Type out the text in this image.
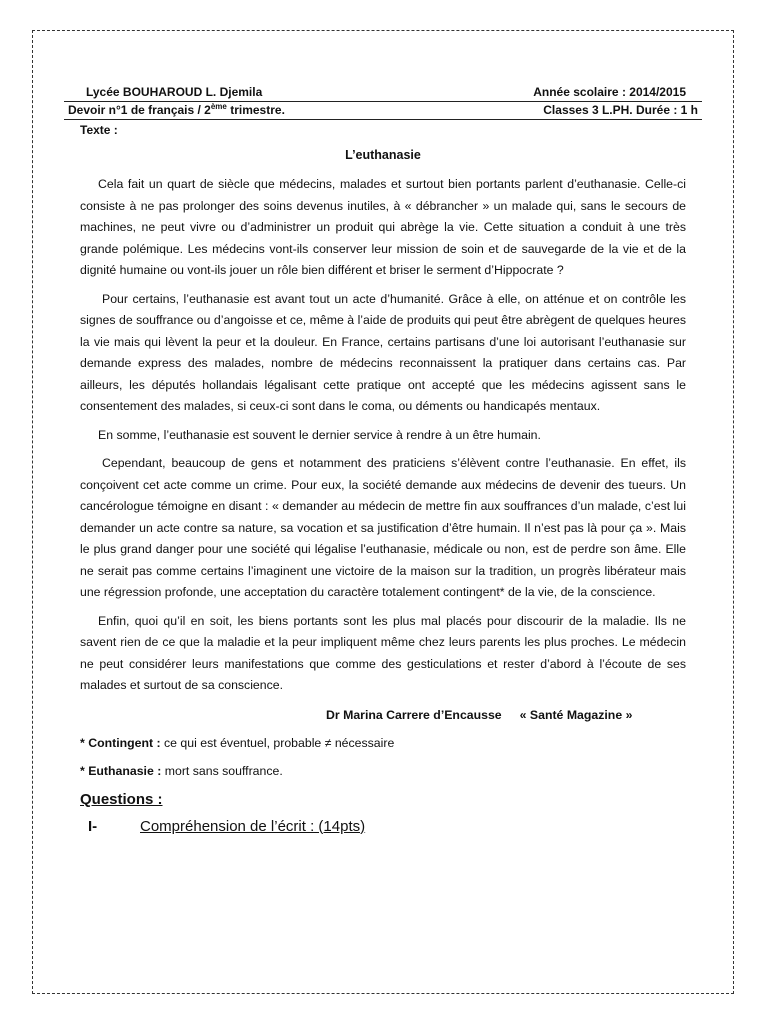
Lycée BOUHAROUD L. Djemila	Année scolaire : 2014/2015
Devoir n°1 de français / 2ème trimestre.	Classes 3 L.PH. Durée : 1 h
Texte :
L’euthanasie

Cela fait un quart de siècle que médecins, malades et surtout bien portants parlent d’euthanasie. Celle-ci consiste à ne pas prolonger des soins devenus inutiles, à « débrancher » un malade qui, sans le secours de machines, ne peut vivre ou d’administrer un produit qui abrège la vie. Cette situation a conduit à une très grande polémique. Les médecins vont-ils conserver leur mission de soin et de sauvegarde de la vie et de la dignité humaine ou vont-ils jouer un rôle bien différent et briser le serment d’Hippocrate ?

Pour certains, l’euthanasie est avant tout un acte d’humanité. Grâce à elle, on atténue et on contrôle les signes de souffrance ou d’angoisse et ce, même à l’aide de produits qui peut être abrègent de quelques heures la vie mais qui lèvent la peur et la douleur. En France, certains partisans d’une loi autorisant l’euthanasie sur demande express des malades, nombre de médecins reconnaissent la pratiquer dans certains cas. Par ailleurs, les députés hollandais légalisant cette pratique ont accepté que les médecins agissent sans le consentement des malades, si ceux-ci sont dans le coma, ou déments ou handicapés mentaux.

En somme, l’euthanasie est souvent le dernier service à rendre à un être humain.

Cependant, beaucoup de gens et notamment des praticiens s’élèvent contre l’euthanasie. En effet, ils conçoivent cet acte comme un crime. Pour eux, la société demande aux médecins de devenir des tueurs. Un cancérologue témoigne en disant : « demander au médecin de mettre fin aux souffrances d’un malade, c’est lui demander un acte contre sa nature, sa vocation et sa justification d’être humain. Il n’est pas là pour ça ». Mais le plus grand danger pour une société qui légalise l’euthanasie, médicale ou non, est de perdre son âme. Elle ne serait pas comme certains l’imaginent une victoire de la maison sur la tradition, un progrès libérateur mais une régression profonde, une acceptation du caractère totalement contingent* de la vie, de la conscience.

Enfin, quoi qu’il en soit, les biens portants sont les plus mal placés pour discourir de la maladie. Ils ne savent rien de ce que la maladie et la peur impliquent même chez leurs parents les plus proches. Le médecin ne peut considérer leurs manifestations que comme des gesticulations et rester d’abord à l’écoute de ses malades et surtout de sa conscience.

Dr Marina Carrere d’Encausse « Santé Magazine »
* Contingent : ce qui est éventuel, probable ≠ nécessaire
* Euthanasie : mort sans souffrance.
Questions :
I-	Compréhension de l’écrit : (14pts)
